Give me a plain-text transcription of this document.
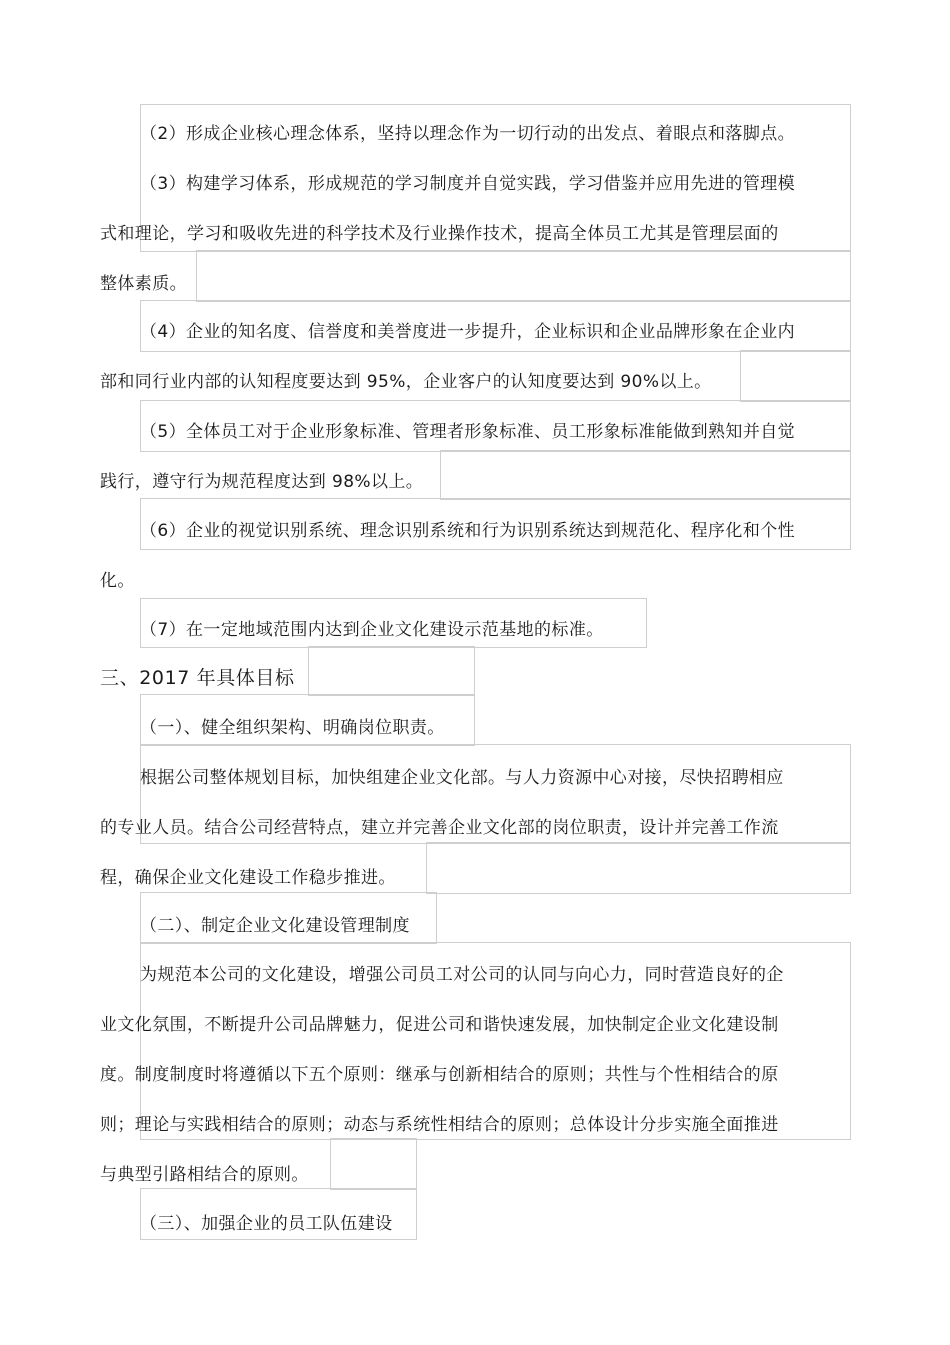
（2）形成企业核心理念体系，坚持以理念作为一切行动的出发点、着眼点和落脚点。
（3）构建学习体系，形成规范的学习制度并自觉实践，学习借鉴并应用先进的管理模
式和理论，学习和吸收先进的科学技术及行业操作技术，提高全体员工尤其是管理层面的
整体素质。
（4）企业的知名度、信誉度和美誉度进一步提升，企业标识和企业品牌形象在企业内
部和同行业内部的认知程度要达到 95%，企业客户的认知度要达到 90%以上。
（5）全体员工对于企业形象标准、管理者形象标准、员工形象标准能做到熟知并自觉
践行，遵守行为规范程度达到 98%以上。
（6）企业的视觉识别系统、理念识别系统和行为识别系统达到规范化、程序化和个性
化。
（7）在一定地域范围内达到企业文化建设示范基地的标准。
三、2017 年具体目标
（一）、健全组织架构、明确岗位职责。
根据公司整体规划目标，加快组建企业文化部。与人力资源中心对接，尽快招聘相应
的专业人员。结合公司经营特点，建立并完善企业文化部的岗位职责，设计并完善工作流
程，确保企业文化建设工作稳步推进。
（二）、制定企业文化建设管理制度
为规范本公司的文化建设，增强公司员工对公司的认同与向心力，同时营造良好的企
业文化氛围，不断提升公司品牌魅力，促进公司和谐快速发展，加快制定企业文化建设制
度。制度制度时将遵循以下五个原则：继承与创新相结合的原则；共性与个性相结合的原
则；理论与实践相结合的原则；动态与系统性相结合的原则；总体设计分步实施全面推进
与典型引路相结合的原则。
（三）、加强企业的员工队伍建设
